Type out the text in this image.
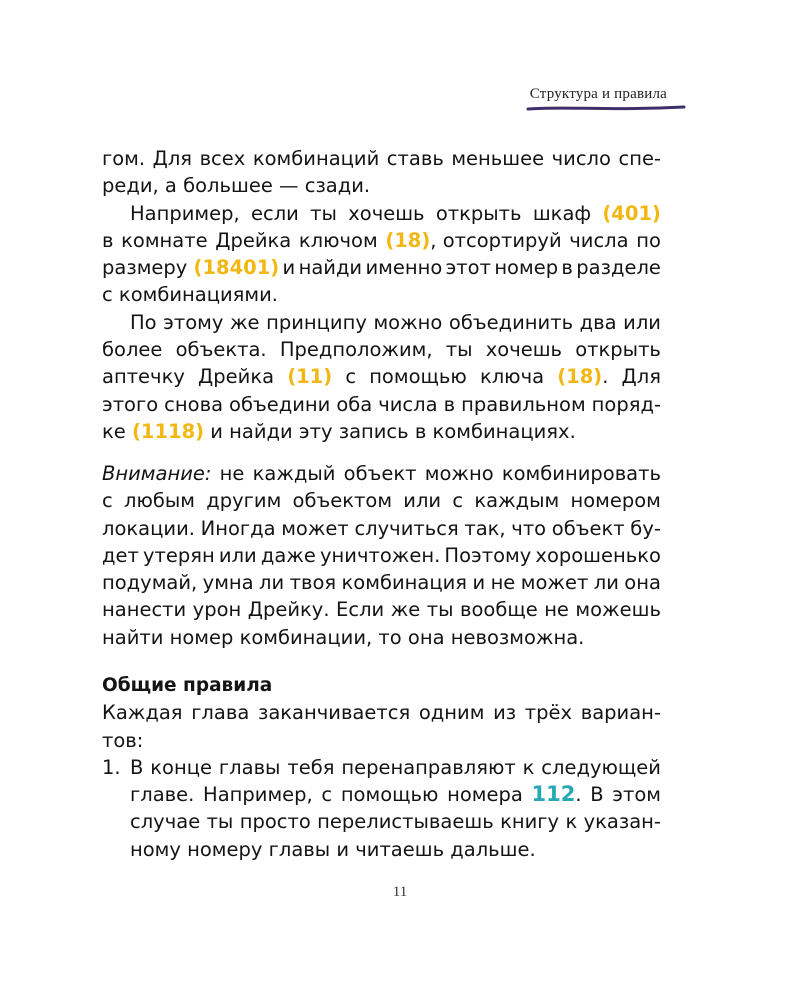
Структура и правила
гом. Для всех комбинаций ставь меньшее число спе-
реди, а большее — сзади.
Например, если ты хочешь открыть шкаф (401)
в комнате Дрейка ключом (18), отсортируй числа по
размеру (18401) и найди именно этот номер в разделе
с комбинациями.
По этому же принципу можно объединить два или
более объекта. Предположим, ты хочешь открыть
аптечку Дрейка (11) с помощью ключа (18). Для
этого снова объедини оба числа в правильном поряд-
ке
(1118)
и найди эту запись в комбинациях.
Внимание: не каждый объект можно комбинировать
с любым другим объектом или с каждым номером
локации. Иногда может случиться так, что объект бу-
дет утерян или даже уничтожен. Поэтому хорошенько
подумай, умна ли твоя комбинация и не может ли она
нанести урон Дрейку. Если же ты вообще не можешь
найти номер комбинации, то она невозможна.
Общие правила
Каждая глава заканчивается одним из трёх вариан-
тов:
1. В конце главы тебя перенаправляют к следующей
главе. Например, с помощью номера 112. В этом
случае ты просто перелистываешь книгу к указан-
ному номеру главы и читаешь дальше.
11
